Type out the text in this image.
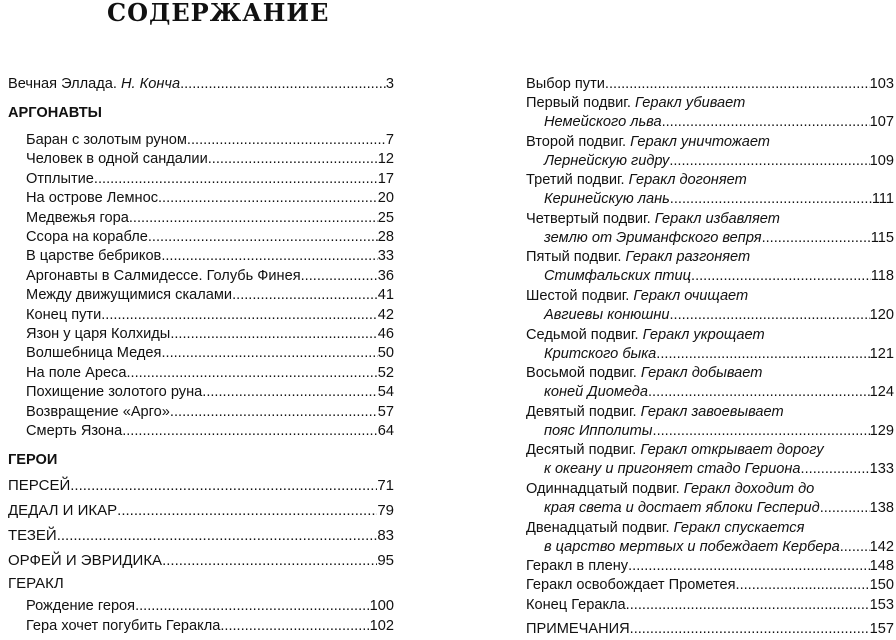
СОДЕРЖАНИЕ
Вечная Эллада. Н. Конча .....	3
АРГОНАВТЫ
Баран с золотым руном .....	7
Человек в одной сандалии .....	12
Отплытие .....	17
На острове Лемнос .....	20
Медвежья гора .....	25
Ссора на корабле .....	28
В царстве бебриков .....	33
Аргонавты в Салмидессе. Голубь Финея .....	36
Между движущимися скалами .....	41
Конец пути .....	42
Язон у царя Колхиды .....	46
Волшебница Медея .....	50
На поле Ареса .....	52
Похищение золотого руна .....	54
Возвращение «Арго» .....	57
Смерть Язона .....	64
ГЕРОИ
ПЕРСЕЙ .....	71
ДЕДАЛ И ИКАР .....	79
ТЕЗЕЙ .....	83
ОРФЕЙ И ЭВРИДИКА .....	95
ГЕРАКЛ
Рождение героя .....	100
Гера хочет погубить Геракла .....	102
Выбор пути .....	103
Первый подвиг. Геракл убивает
Немейского льва .....	107
Второй подвиг. Геракл уничтожает
Лернейскую гидру .....	109
Третий подвиг. Геракл догоняет
Керинейскую лань .....	111
Четвертый подвиг. Геракл избавляет
землю от Эриманфского вепря .....	115
Пятый подвиг. Геракл разгоняет
Стимфальских птиц .....	118
Шестой подвиг. Геракл очищает
Авгиевы конюшни .....	120
Седьмой подвиг. Геракл укрощает
Критского быка .....	121
Восьмой подвиг. Геракл добывает
коней Диомеда .....	124
Девятый подвиг. Геракл завоевывает
пояс Ипполиты .....	129
Десятый подвиг. Геракл открывает дорогу
к океану и пригоняет стадо Гериона .....	133
Одиннадцатый подвиг. Геракл доходит до
края света и достает яблоки Гесперид .....	138
Двенадцатый подвиг. Геракл спускается
в царство мертвых и побеждает Кербера ..... 142
Геракл в плену .....	148
Геракл освобождает Прометея .....	150
Конец Геракла .....	153
ПРИМЕЧАНИЯ .....	157
